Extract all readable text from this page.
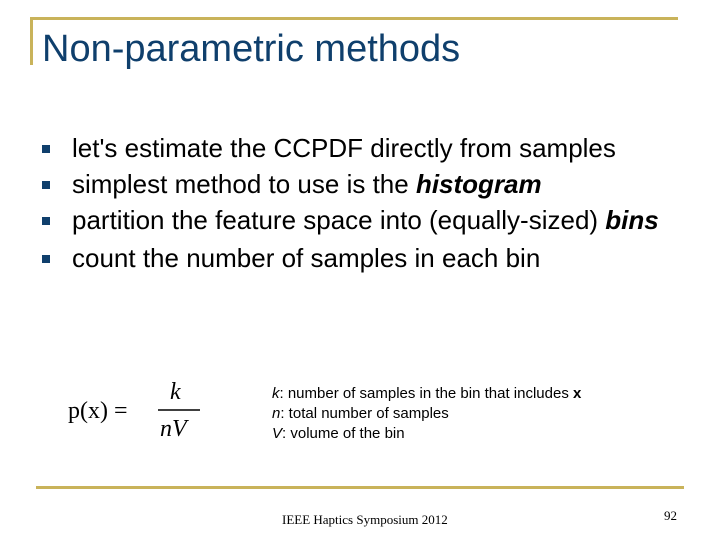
Non-parametric methods
let's estimate the CCPDF directly from samples
simplest method to use is the histogram
partition the feature space into (equally-sized) bins
count the number of samples in each bin
p(x) =
k
nV
k: number of samples in the bin that includes x
n: total number of samples
V: volume of the bin
IEEE Haptics Symposium 2012	92
